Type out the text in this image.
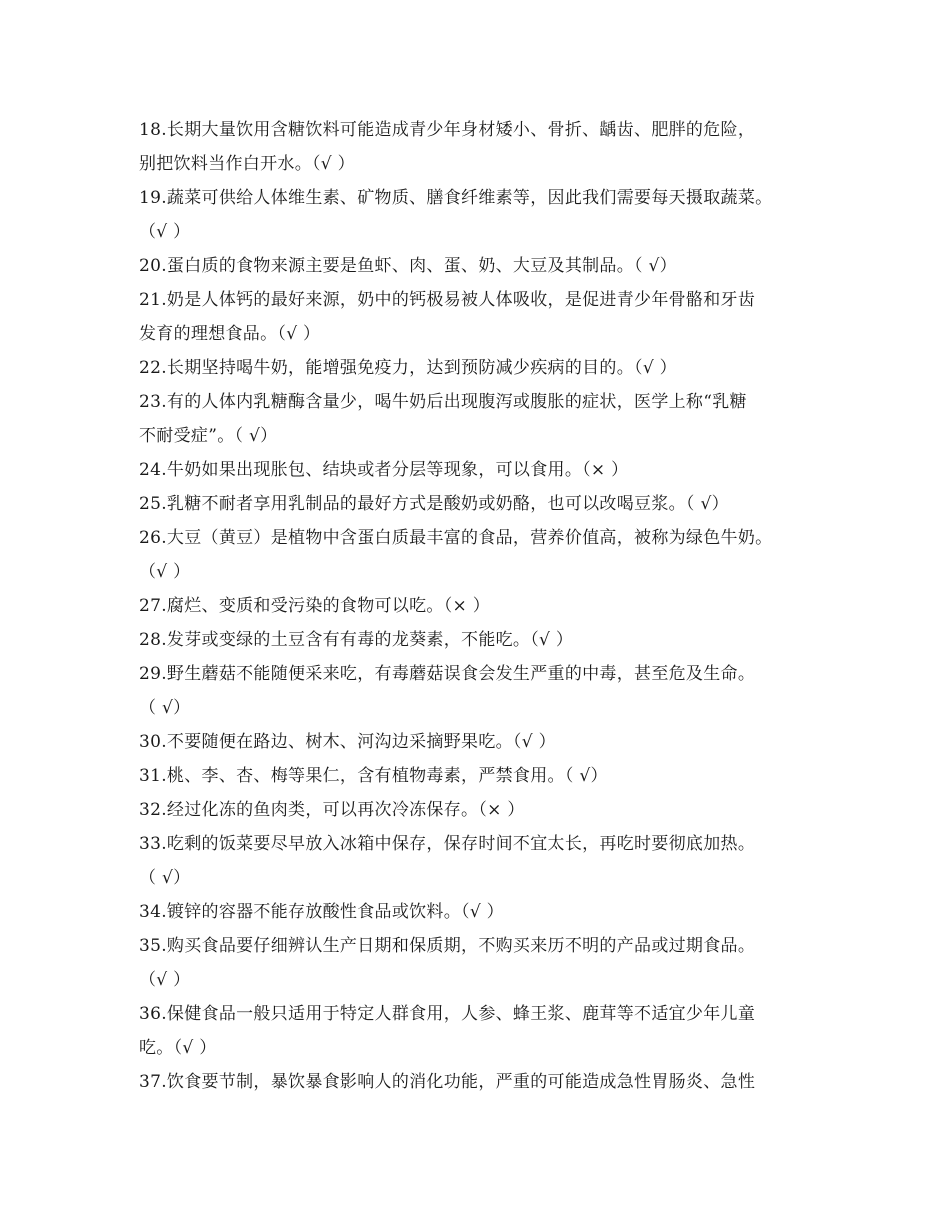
18.长期大量饮用含糖饮料可能造成青少年身材矮小、骨折、龋齿、肥胖的危险，
别把饮料当作白开水。（√ ）
19.蔬菜可供给人体维生素、矿物质、膳食纤维素等，因此我们需要每天摄取蔬菜。
（√ ）
20.蛋白质的食物来源主要是鱼虾、肉、蛋、奶、大豆及其制品。（ √）
21.奶是人体钙的最好来源，奶中的钙极易被人体吸收，是促进青少年骨骼和牙齿
发育的理想食品。（√ ）
22.长期坚持喝牛奶，能增强免疫力，达到预防减少疾病的目的。（√ ）
23.有的人体内乳糖酶含量少，喝牛奶后出现腹泻或腹胀的症状，医学上称“乳糖
不耐受症”。（ √）
24.牛奶如果出现胀包、结块或者分层等现象，可以食用。（× ）
25.乳糖不耐者享用乳制品的最好方式是酸奶或奶酪，也可以改喝豆浆。（ √）
26.大豆（黄豆）是植物中含蛋白质最丰富的食品，营养价值高，被称为绿色牛奶。
（√ ）
27.腐烂、变质和受污染的食物可以吃。（× ）
28.发芽或变绿的土豆含有有毒的龙葵素，不能吃。（√ ）
29.野生蘑菇不能随便采来吃，有毒蘑菇误食会发生严重的中毒，甚至危及生命。
（ √）
30.不要随便在路边、树木、河沟边采摘野果吃。（√ ）
31.桃、李、杏、梅等果仁，含有植物毒素，严禁食用。（ √）
32.经过化冻的鱼肉类，可以再次冷冻保存。（× ）
33.吃剩的饭菜要尽早放入冰箱中保存，保存时间不宜太长，再吃时要彻底加热。
（ √）
34.镀锌的容器不能存放酸性食品或饮料。（√ ）
35.购买食品要仔细辨认生产日期和保质期，不购买来历不明的产品或过期食品。
（√ ）
36.保健食品一般只适用于特定人群食用，人参、蜂王浆、鹿茸等不适宜少年儿童
吃。（√ ）
37.饮食要节制，暴饮暴食影响人的消化功能，严重的可能造成急性胃肠炎、急性
